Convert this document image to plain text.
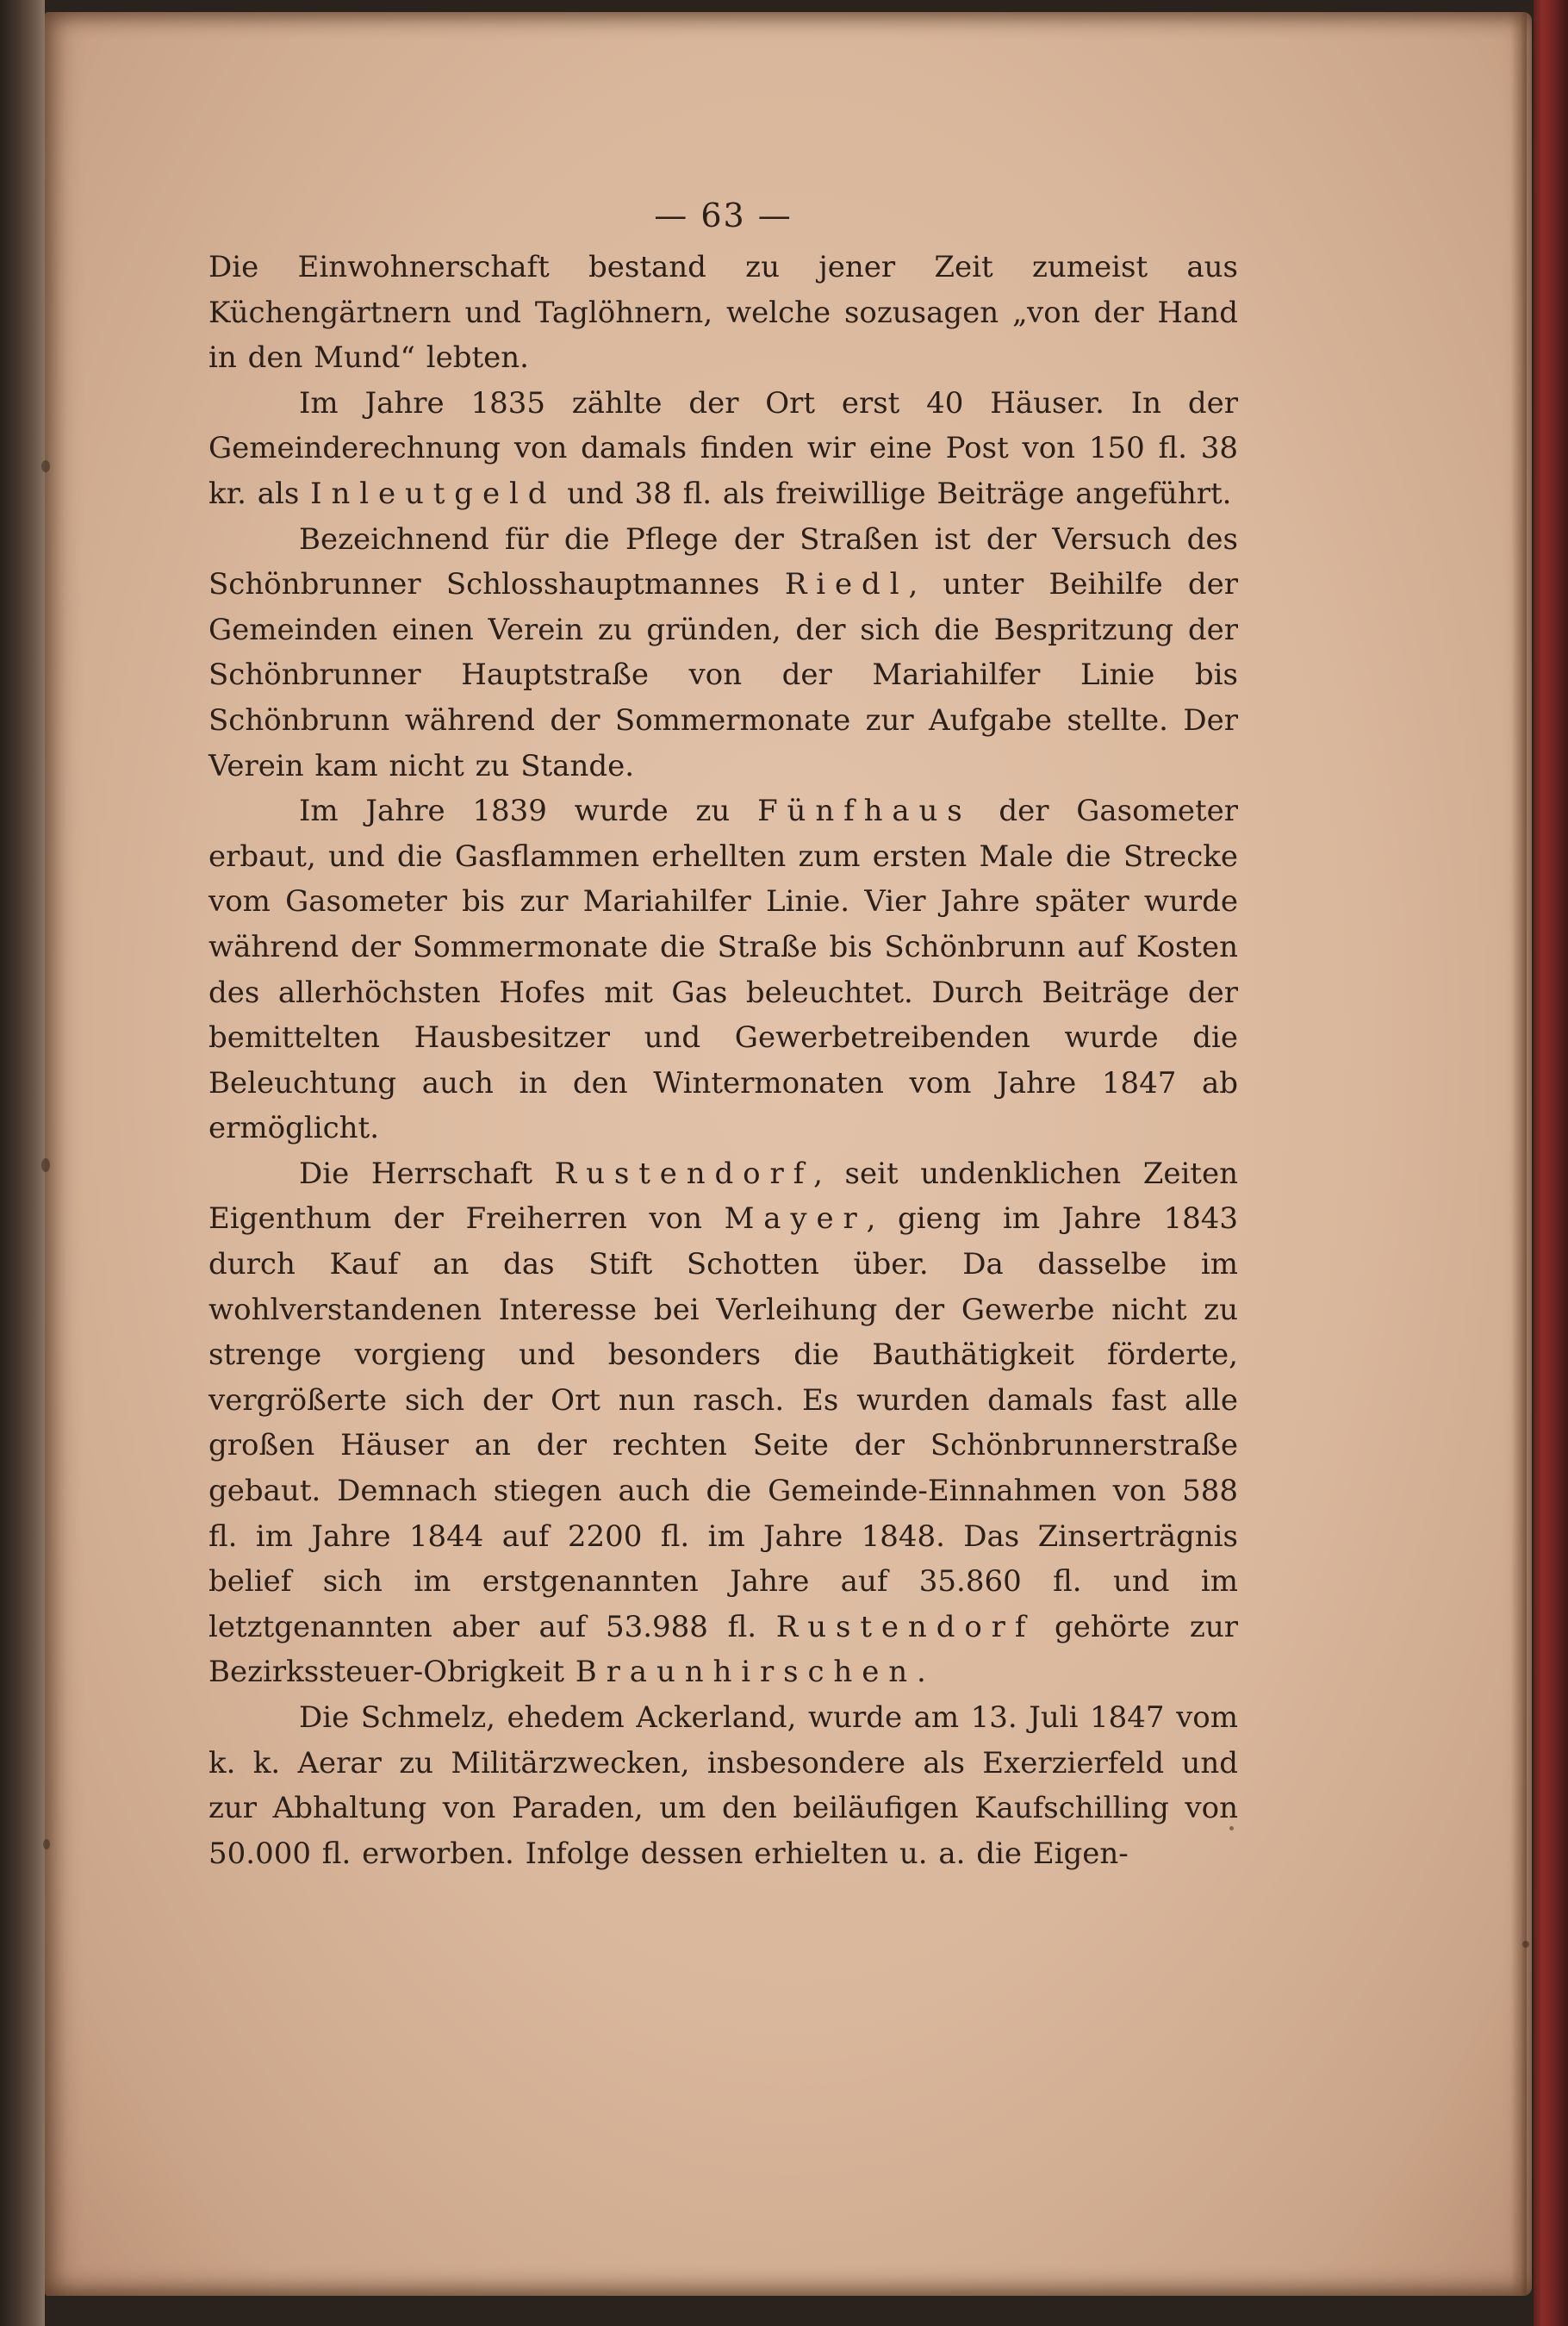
— 63 —

Die Einwohnerschaft bestand zu jener Zeit zumeist aus Küchengärtnern und Taglöhnern, welche sozusagen „von der Hand in den Mund“ lebten.

Im Jahre 1835 zählte der Ort erst 40 Häuser. In der Gemeinderechnung von damals finden wir eine Post von 150 fl. 38 kr. als Inleutgeld und 38 fl. als freiwillige Beiträge angeführt.

Bezeichnend für die Pflege der Straßen ist der Versuch des Schönbrunner Schlosshauptmannes Riedl, unter Beihilfe der Gemeinden einen Verein zu gründen, der sich die Bespritzung der Schönbrunner Hauptstraße von der Mariahilfer Linie bis Schönbrunn während der Sommermonate zur Aufgabe stellte. Der Verein kam nicht zu Stande.

Im Jahre 1839 wurde zu Fünfhaus der Gasometer erbaut, und die Gasflammen erhellten zum ersten Male die Strecke vom Gasometer bis zur Mariahilfer Linie. Vier Jahre später wurde während der Sommermonate die Straße bis Schönbrunn auf Kosten des allerhöchsten Hofes mit Gas beleuchtet. Durch Beiträge der bemittelten Hausbesitzer und Gewerbetreibenden wurde die Beleuchtung auch in den Wintermonaten vom Jahre 1847 ab ermöglicht.

Die Herrschaft Rustendorf, seit undenklichen Zeiten Eigenthum der Freiherren von Mayer, gieng im Jahre 1843 durch Kauf an das Stift Schotten über. Da dasselbe im wohlverstandenen Interesse bei Verleihung der Gewerbe nicht zu strenge vorgieng und besonders die Bauthätigkeit förderte, vergrößerte sich der Ort nun rasch. Es wurden damals fast alle großen Häuser an der rechten Seite der Schönbrunnerstraße gebaut. Demnach stiegen auch die Gemeinde-Einnahmen von 588 fl. im Jahre 1844 auf 2200 fl. im Jahre 1848. Das Zinserträgnis belief sich im erstgenannten Jahre auf 35.860 fl. und im letztgenannten aber auf 53.988 fl. Rustendorf gehörte zur Bezirkssteuer-Obrigkeit Braunhirschen.

Die Schmelz, ehedem Ackerland, wurde am 13. Juli 1847 vom k. k. Aerar zu Militärzwecken, insbesondere als Exerzierfeld und zur Abhaltung von Paraden, um den beiläufigen Kaufschilling von 50.000 fl. erworben. Infolge dessen erhielten u. a. die Eigen-
